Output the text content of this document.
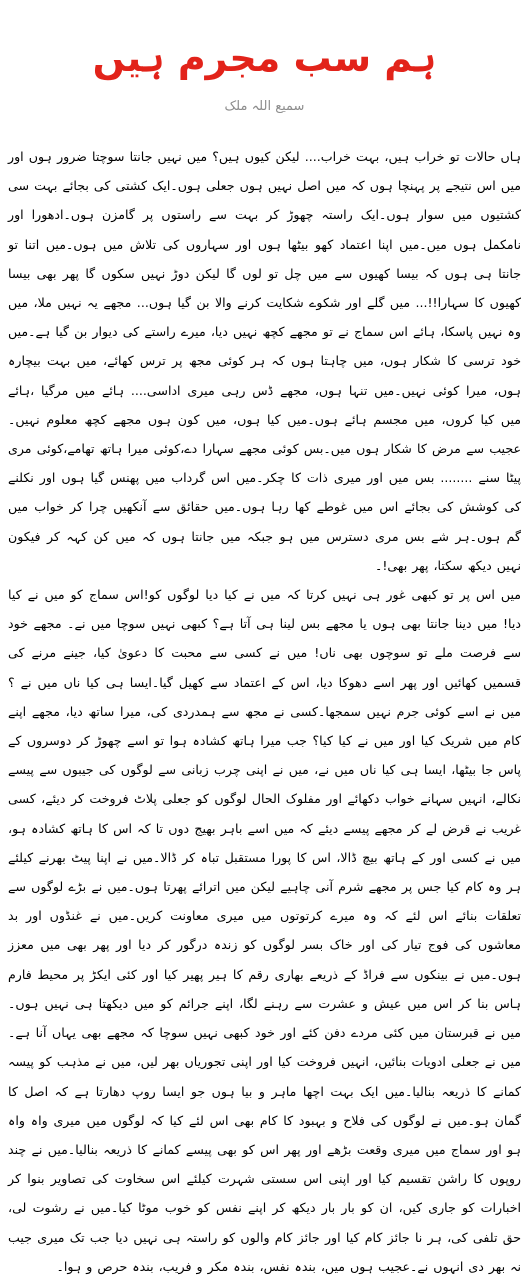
ہم سب مجرم ہیں
سمیع اللہ ملک

ہاں حالات تو خراب ہیں، بہت خراب.... لیکن کیوں ہیں؟ میں نہیں جانتا سوچتا ضرور ہوں اور میں اس نتیجے پر پہنچا ہوں کہ میں اصل نہیں ہوں جعلی ہوں۔ایک کشتی کی بجائے بہت سی کشتیوں میں سوار ہوں۔ایک راستہ چھوڑ کر بہت سے راستوں پر گامزن ہوں۔ادھورا اور نامکمل ہوں میں۔میں اپنا اعتماد کھو بیٹھا ہوں اور سہاروں کی تلاش میں ہوں۔میں اتنا تو جانتا ہی ہوں کہ بیسا کھیوں سے میں چل تو لوں گا لیکن دوڑ نہیں سکوں گا پھر بھی بیسا کھیوں کا سہارا!!... میں گلے اور شکوے شکایت کرنے والا بن گیا ہوں... مجھے یہ نہیں ملا، میں وہ نہیں پاسکا، ہائے اس سماج نے تو مجھے کچھ نہیں دیا، میرے راستے کی دیوار بن گیا ہے۔میں خود ترسی کا شکار ہوں، میں چاہتا ہوں کہ ہر کوئی مجھ پر ترس کھائے، میں بہت بیچارہ ہوں، میرا کوئی نہیں۔میں تنہا ہوں، مجھے ڈس رہی میری اداسی.... ہائے میں مرگیا ،ہائے میں کیا کروں، میں مجسم ہائے ہوں۔میں کیا ہوں، میں کون ہوں مجھے کچھ معلوم نہیں۔عجیب سے مرض کا شکار ہوں میں۔بس کوئی مجھے سہارا دے،کوئی میرا ہاتھ تھامے،کوئی مری پیٹا سنے ........ بس میں اور میری ذات کا چکر۔میں اس گرداب میں پھنس گیا ہوں اور نکلنے کی کوشش کی بجائے اس میں غوطے کھا رہا ہوں۔میں حقائق سے آنکھیں چرا کر خواب میں گم ہوں۔ہر شے بس مری دسترس میں ہو جبکہ میں جانتا ہوں کہ میں کن کہہ کر فیکون نہیں دیکھ سکتا، پھر بھی!۔

میں اس پر تو کبھی غور ہی نہیں کرتا کہ میں نے کیا دیا لوگوں کو!اس سماج کو میں نے کیا دیا! میں دینا جانتا بھی ہوں یا مجھے بس لینا ہی آتا ہے؟ کبھی نہیں سوچا میں نے۔ مجھے خود سے فرصت ملے تو سوچوں بھی ناں! میں نے کسی سے محبت کا دعویٰ کیا، جینے مرنے کی قسمیں کھائیں اور پھر اسے دھوکا دیا، اس کے اعتماد سے کھیل گیا۔ایسا ہی کیا ناں میں نے ؟میں نے اسے کوئی جرم نہیں سمجھا۔کسی نے مجھ سے ہمدردی کی، میرا ساتھ دیا، مجھے اپنے کام میں شریک کیا اور میں نے کیا کیا؟ جب میرا ہاتھ کشادہ ہوا تو اسے چھوڑ کر دوسروں کے پاس جا بیٹھا، ایسا ہی کیا ناں میں نے، میں نے اپنی چرب زبانی سے لوگوں کی جیبوں سے پیسے نکالے، انہیں سہانے خواب دکھائے اور مفلوک الحال لوگوں کو جعلی پلاٹ فروخت کر دیئے، کسی غریب نے قرض لے کر مجھے پیسے دیئے کہ میں اسے باہر بھیج دوں تا کہ اس کا ہاتھ کشادہ ہو، میں نے کسی اور کے ہاتھ بیچ ڈالا، اس کا پورا مستقبل تباہ کر ڈالا۔میں نے اپنا پیٹ بھرنے کیلئے ہر وہ کام کیا جس پر مجھے شرم آنی چاہیے لیکن میں اترائے پھرتا ہوں۔میں نے بڑے لوگوں سے تعلقات بنائے اس لئے کہ وہ میرے کرتوتوں میں میری معاونت کریں۔میں نے غنڈوں اور بد معاشوں کی فوج تیار کی اور خاک بسر لوگوں کو زندہ درگور کر دیا اور پھر بھی میں معزز ہوں۔میں نے بینکوں سے فراڈ کے ذریعے بھاری رقم کا ہیر پھیر کیا اور کئی ایکڑ پر محیط فارم ہاس بنا کر اس میں عیش و عشرت سے رہنے لگا، اپنے جرائم کو میں دیکھتا ہی نہیں ہوں۔میں نے قبرستان میں کئی مردے دفن کئے اور خود کبھی نہیں سوچا کہ مجھے بھی یہاں آنا ہے۔میں نے جعلی ادویات بنائیں، انہیں فروخت کیا اور اپنی تجوریاں بھر لیں، میں نے مذہب کو پیسہ کمانے کا ذریعہ بنالیا۔میں ایک بہت اچھا ماہر و بیا ہوں جو ایسا روپ دھارتا ہے کہ اصل کا گمان ہو۔میں نے لوگوں کی فلاح و بہبود کا کام بھی اس لئے کیا کہ لوگوں میں میری واہ واہ ہو اور سماج میں میری وقعت بڑھے اور پھر اس کو بھی پیسے کمانے کا ذریعہ بنالیا۔میں نے چند روپوں کا راشن تقسیم کیا اور اپنی اس سستی شہرت کیلئے اس سخاوت کی تصاویر بنوا کر اخبارات کو جاری کیں، ان کو بار بار دیکھ کر اپنے نفس کو خوب موٹا کیا۔میں نے رشوت لی، حق تلفی کی، ہر نا جائز کام کیا اور جائز کام والوں کو راستہ ہی نہیں دیا جب تک میری جیب نہ بھر دی انہوں نے۔عجیب ہوں میں، بندہ نفس، بندہ مکر و فریب، بندہ حرص و ہوا۔
